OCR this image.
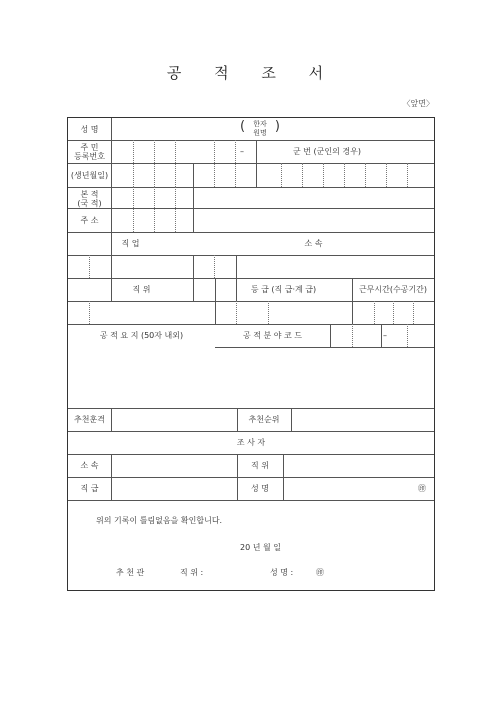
공 적 조 서
〈앞면〉
성 명	( 한자
원명 )
주 민
등록번호
–	군 번 (군인의 경우)
(생년월일)
본 적
(국 적)
주 소
직 업	소 속
직 위	등 급 (직 급·계 급)	근무시간(수공기간)
공 적 요 지 (50자 내외)	공 적 분 야 코 드	–
추천훈격	추천순위
조 사 자
소 속	직 위
직 급	성 명	㊞
위의 기록이 틀림없음을 확인합니다.
20 년 월 일
추 천 관	직 위 :	성 명 :	㊞
